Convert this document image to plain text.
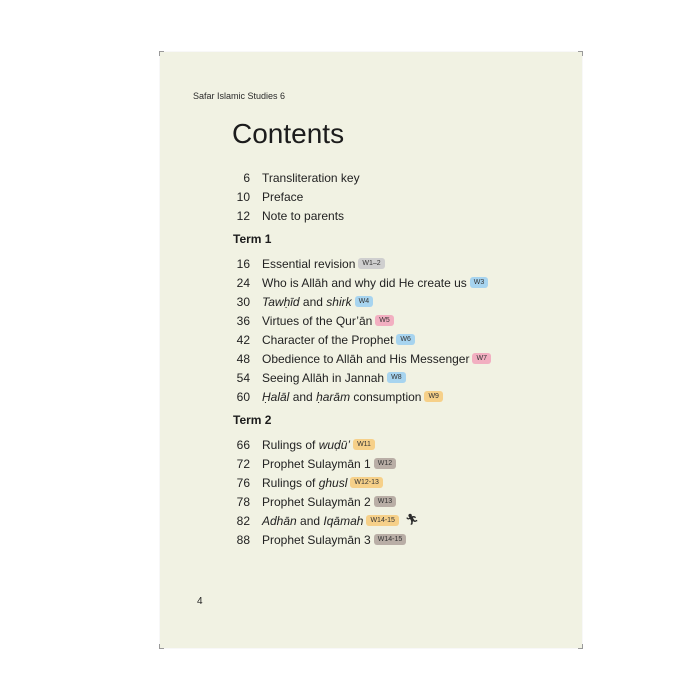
Safar Islamic Studies 6
Contents
6 Transliteration key
10 Preface
12 Note to parents
Term 1
16 Essential revision	W1–2
24 Who is Allāh and why did He create us	W3
30 Tawḥīd and shirk	W4
36 Virtues of the Qur’ān	W5
42 Character of the Prophet	W6
48 Obedience to Allāh and His Messenger	W7
54 Seeing Allāh in Jannah	W8
60 Ḥalāl and ḥarām consumption	W9
Term 2
66 Rulings of wuḍū’	W11
72 Prophet Sulaymān 1	W12
76 Rulings of ghusl	W12-13
78 Prophet Sulaymān 2	W13
82 Adhān and Iqāmah	W14-15 🏃︎
88 Prophet Sulaymān 3	W14-15
4
